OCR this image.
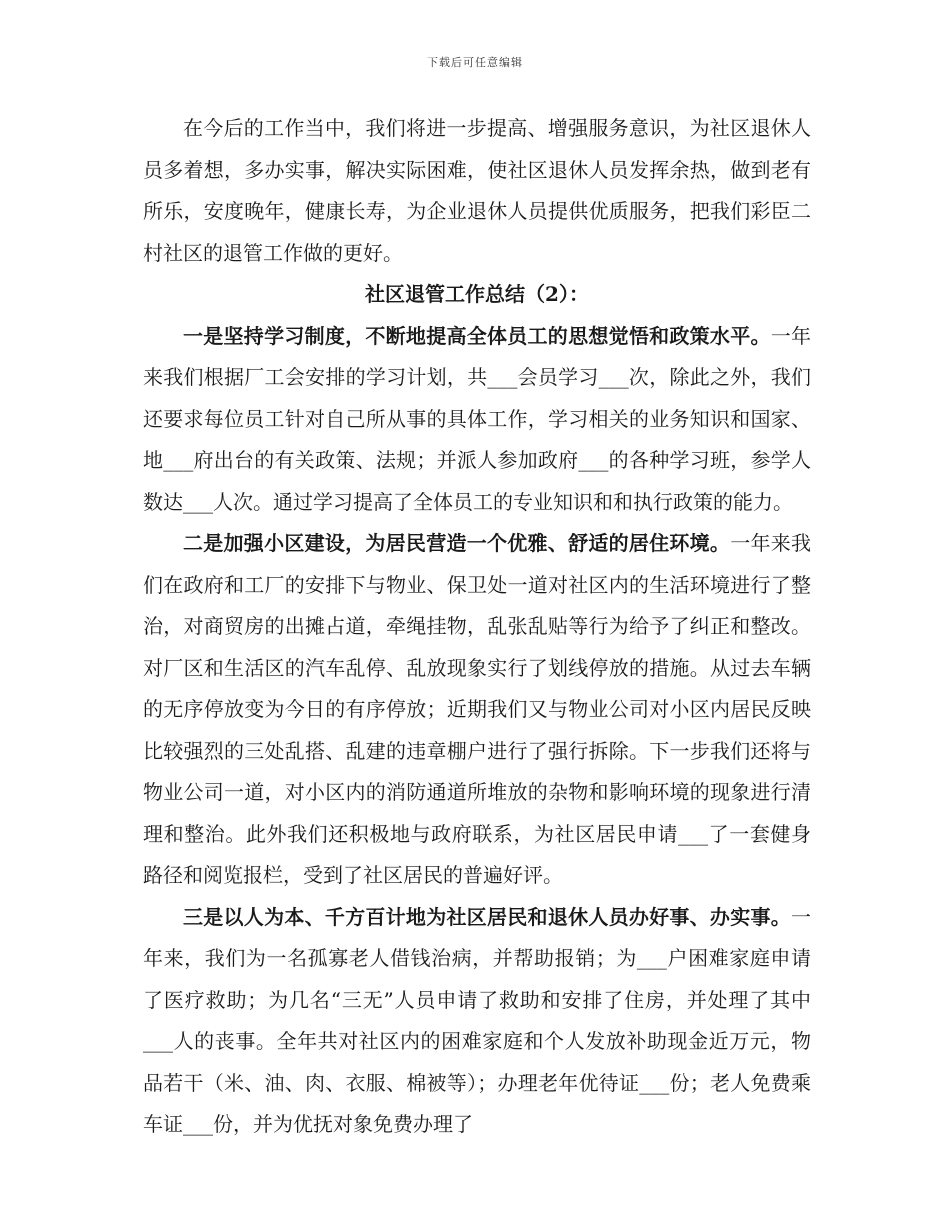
下载后可任意编辑

在今后的工作当中，我们将进一步提高、增强服务意识，为社区退休人员多着想，多办实事，解决实际困难，使社区退休人员发挥余热，做到老有所乐，安度晚年，健康长寿，为企业退休人员提供优质服务，把我们彩臣二村社区的退管工作做的更好。

社区退管工作总结（2）：

一是坚持学习制度，不断地提高全体员工的思想觉悟和政策水平。一年来我们根据厂工会安排的学习计划，共___会员学习___次，除此之外，我们还要求每位员工针对自己所从事的具体工作，学习相关的业务知识和国家、地___府出台的有关政策、法规；并派人参加政府___的各种学习班，参学人数达___人次。通过学习提高了全体员工的专业知识和和执行政策的能力。

二是加强小区建设，为居民营造一个优雅、舒适的居住环境。一年来我们在政府和工厂的安排下与物业、保卫处一道对社区内的生活环境进行了整治，对商贸房的出摊占道，牵绳挂物，乱张乱贴等行为给予了纠正和整改。对厂区和生活区的汽车乱停、乱放现象实行了划线停放的措施。从过去车辆的无序停放变为今日的有序停放；近期我们又与物业公司对小区内居民反映比较强烈的三处乱搭、乱建的违章棚户进行了强行拆除。下一步我们还将与物业公司一道，对小区内的消防通道所堆放的杂物和影响环境的现象进行清理和整治。此外我们还积极地与政府联系，为社区居民申请___了一套健身路径和阅览报栏，受到了社区居民的普遍好评。

三是以人为本、千方百计地为社区居民和退休人员办好事、办实事。一年来，我们为一名孤寡老人借钱治病，并帮助报销；为___户困难家庭申请了医疗救助；为几名“三无”人员申请了救助和安排了住房，并处理了其中___人的丧事。全年共对社区内的困难家庭和个人发放补助现金近万元，物品若干（米、油、肉、衣服、棉被等）；办理老年优待证___份；老人免费乘车证___份，并为优抚对象免费办理了
